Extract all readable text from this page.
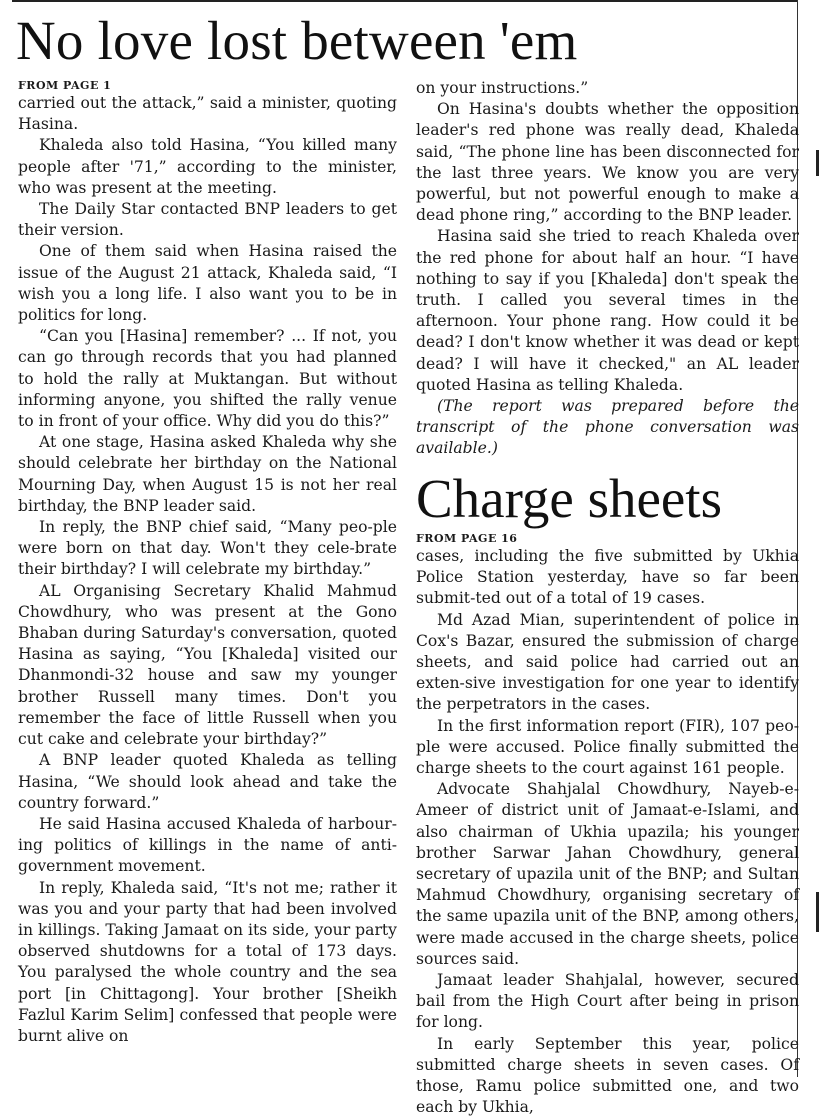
No love lost between 'em
FROM PAGE 1

carried out the attack,” said a minister, quoting Hasina.

Khaleda also told Hasina, “You killed many people after '71,” according to the minister, who was present at the meeting.

The Daily Star contacted BNP leaders to get their version.

One of them said when Hasina raised the issue of the August 21 attack, Khaleda said, “I wish you a long life. I also want you to be in politics for long.

“Can you [Hasina] remember? ... If not, you can go through records that you had planned to hold the rally at Muktangan. But without informing anyone, you shifted the rally venue to in front of your office. Why did you do this?”

At one stage, Hasina asked Khaleda why she should celebrate her birthday on the National Mourning Day, when August 15 is not her real birthday, the BNP leader said.

In reply, the BNP chief said, “Many peo-ple were born on that day. Won't they cele-brate their birthday? I will celebrate my birthday.”

AL Organising Secretary Khalid Mahmud Chowdhury, who was present at the Gono Bhaban during Saturday's conversation, quoted Hasina as saying, “You [Khaleda] visited our Dhanmondi-32 house and saw my younger brother Russell many times. Don't you remember the face of little Russell when you cut cake and celebrate your birthday?”

A BNP leader quoted Khaleda as telling Hasina, “We should look ahead and take the country forward.”

He said Hasina accused Khaleda of harbour-ing politics of killings in the name of anti-government movement.

In reply, Khaleda said, “It's not me; rather it was you and your party that had been involved in killings. Taking Jamaat on its side, your party observed shutdowns for a total of 173 days. You paralysed the whole country and the sea port [in Chittagong]. Your brother [Sheikh Fazlul Karim Selim] confessed that people were burnt alive on

on your instructions.”

On Hasina's doubts whether the opposition leader's red phone was really dead, Khaleda said, “The phone line has been disconnected for the last three years. We know you are very powerful, but not powerful enough to make a dead phone ring,” according to the BNP leader.

Hasina said she tried to reach Khaleda over the red phone for about half an hour. “I have nothing to say if you [Khaleda] don't speak the truth. I called you several times in the afternoon. Your phone rang. How could it be dead? I don't know whether it was dead or kept dead? I will have it checked," an AL leader quoted Hasina as telling Khaleda.

(The report was prepared before the transcript of the phone conversation was available.)

Charge sheets
FROM PAGE 16

cases, including the five submitted by Ukhia Police Station yesterday, have so far been submit-ted out of a total of 19 cases.

Md Azad Mian, superintendent of police in Cox's Bazar, ensured the submission of charge sheets, and said police had carried out an exten-sive investigation for one year to identify the perpetrators in the cases.

In the first information report (FIR), 107 peo-ple were accused. Police finally submitted the charge sheets to the court against 161 people.

Advocate Shahjalal Chowdhury, Nayeb-e-Ameer of district unit of Jamaat-e-Islami, and also chairman of Ukhia upazila; his younger brother Sarwar Jahan Chowdhury, general secretary of upazila unit of the BNP; and Sultan Mahmud Chowdhury, organising secretary of the same upazila unit of the BNP, among others, were made accused in the charge sheets, police sources said.

Jamaat leader Shahjalal, however, secured bail from the High Court after being in prison for long.

In early September this year, police submitted charge sheets in seven cases. Of those, Ramu police submitted one, and two each by Ukhia,
